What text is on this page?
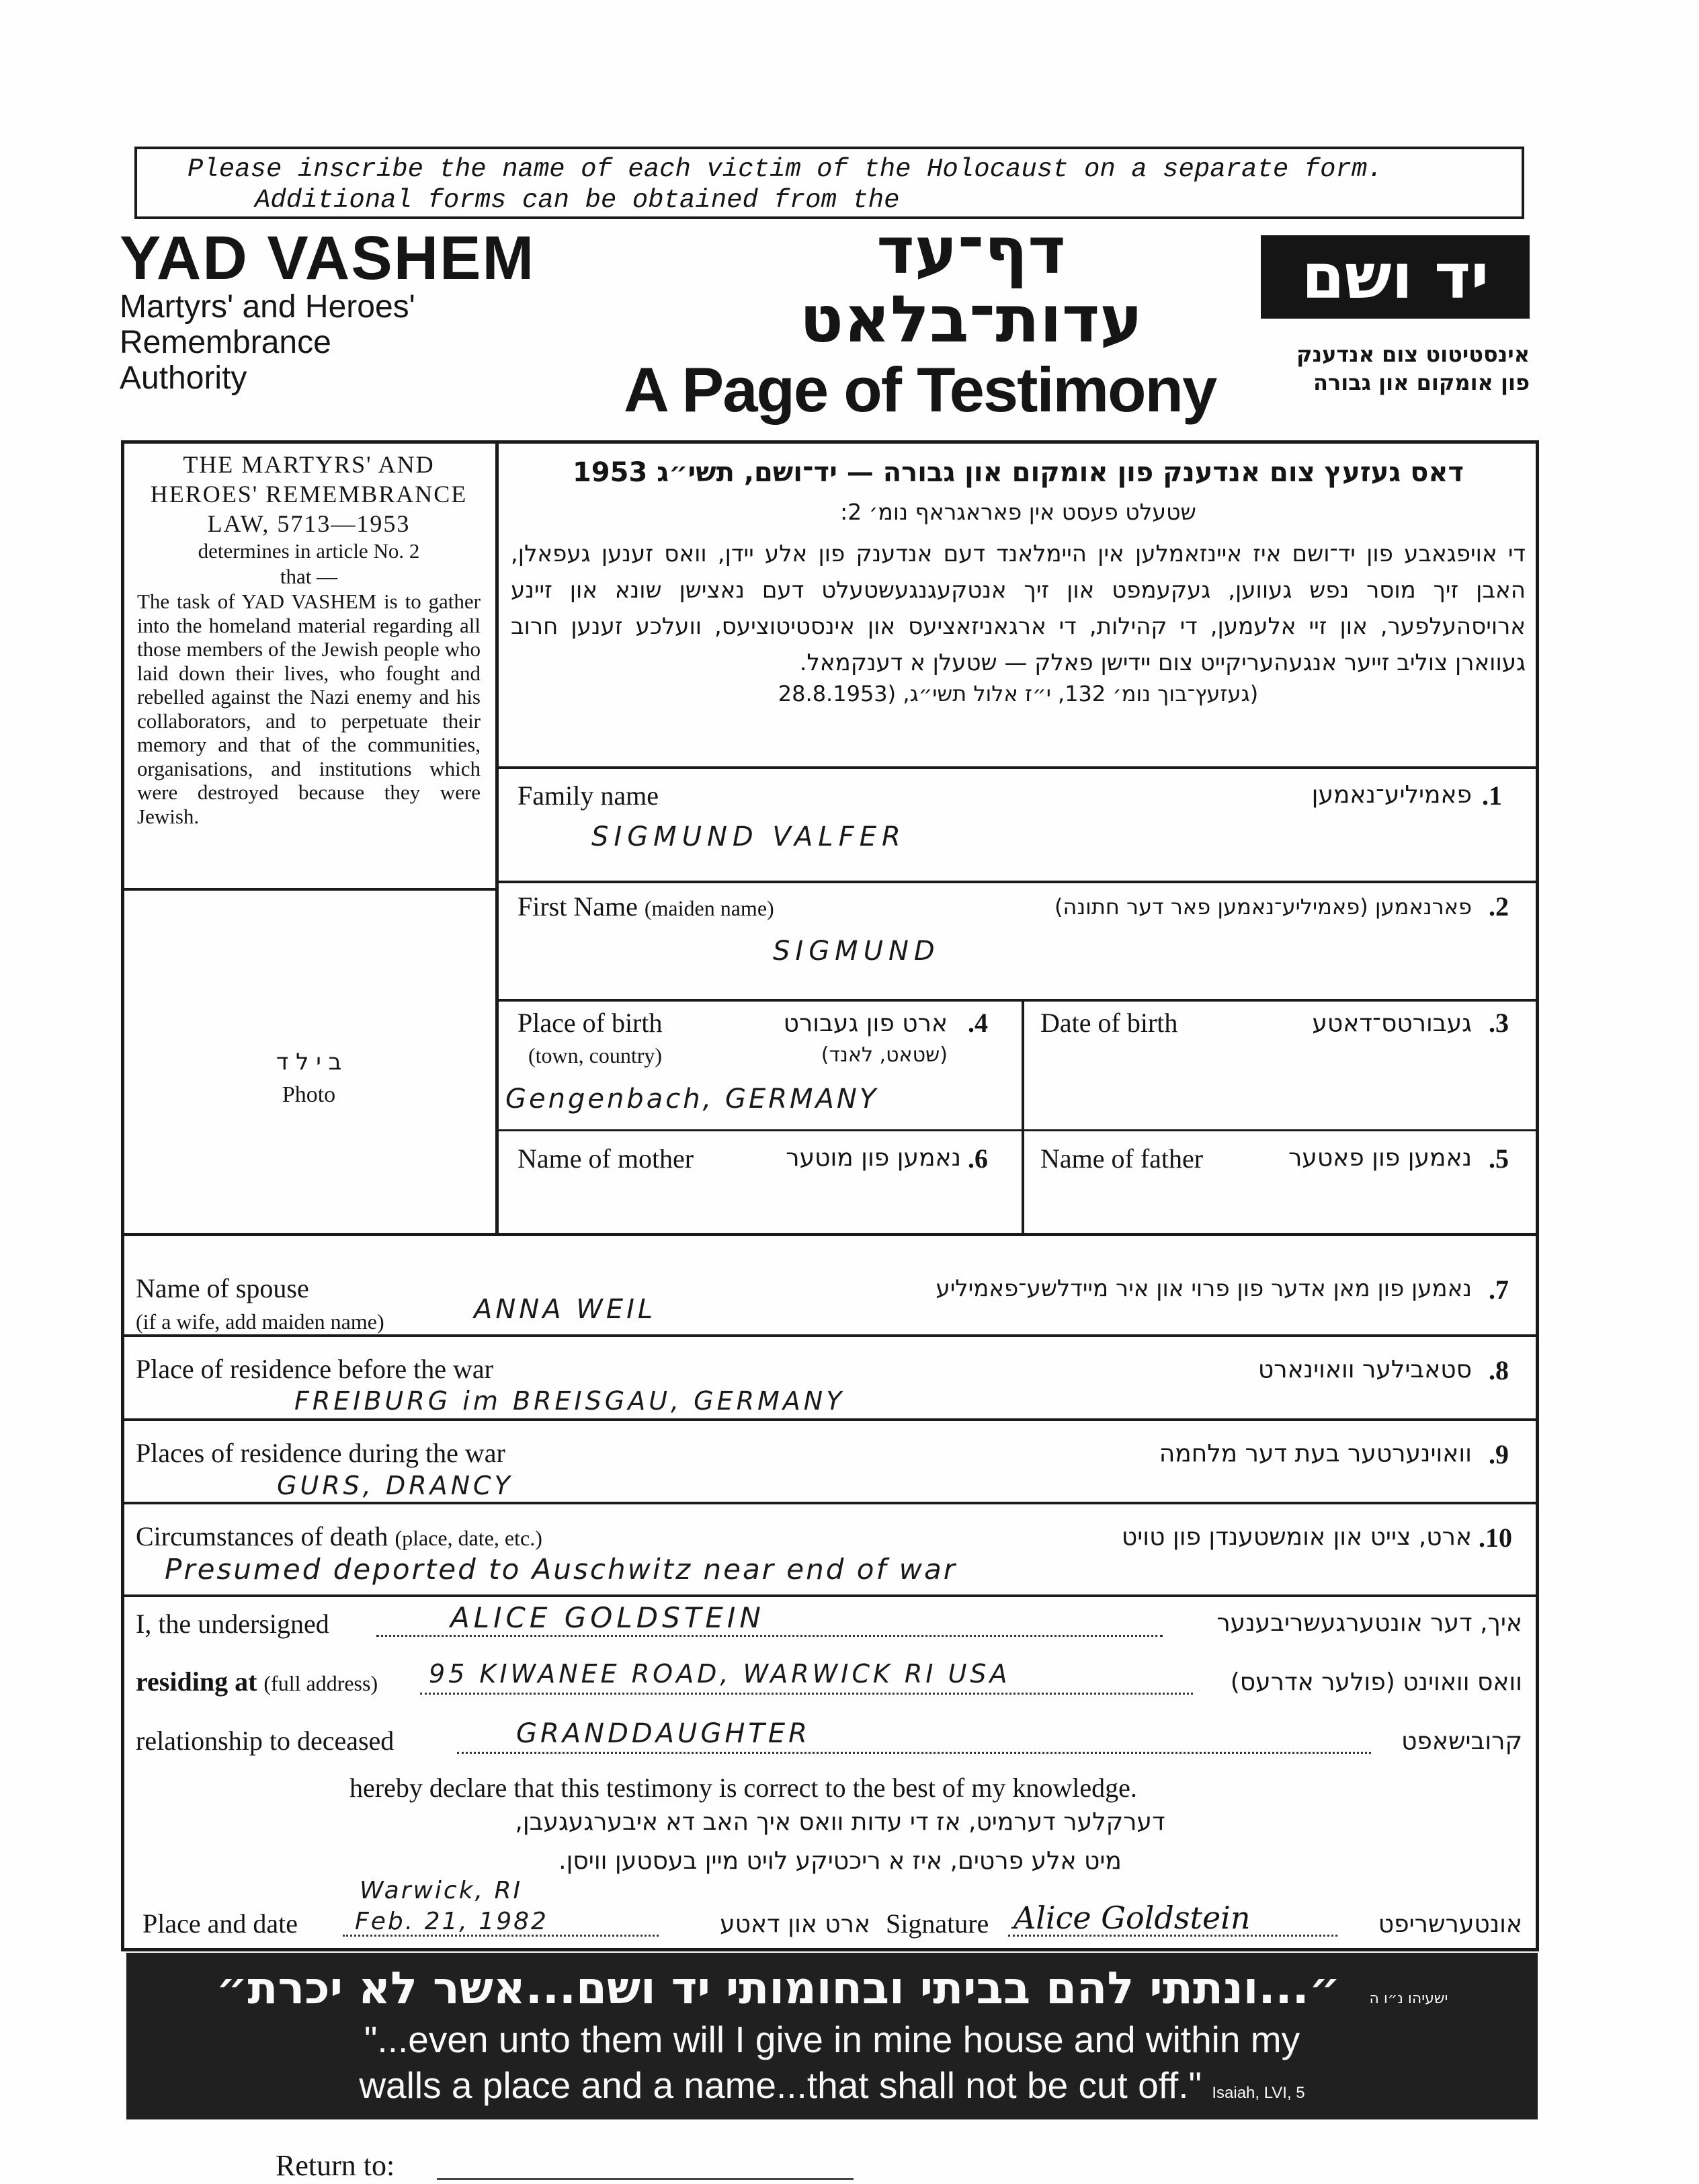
Please inscribe the name of each victim of the Holocaust on a separate form.
Additional forms can be obtained from the
YAD VASHEM
Martyrs' and Heroes'
Remembrance
Authority
דף־עד
עדות־בלאט
A Page of Testimony
יד ושם
אינסטיטוט צום אנדענק
פון אומקום און גבורה
THE MARTYRS' AND HEROES' REMEMBRANCE LAW, 5713—1953
determines in article No. 2 that —
The task of YAD VASHEM is to gather into the homeland material regarding all those members of the Jewish people who laid down their lives, who fought and rebelled against the Nazi enemy and his collaborators, and to perpetuate their memory and that of the communities, organisations, and institutions which were destroyed because they were Jewish.
דאס געזעץ צום אנדענק פון אומקום און גבורה — יד־ושם, תשי״ג 1953
שטעלט פעסט אין פאראגראף נומ׳ 2:
די אויפגאבע פון יד־ושם איז איינזאמלען אין היימלאנד דעם אנדענק פון אלע יידן, וואס זענען געפאלן, האבן זיך מוסר נפש געווען, געקעמפט און זיך אנטקעגנגעשטעלט דעם נאצישן שונא און זיינע ארויסהעלפער, און זיי אלעמען, די קהילות, די ארגאניזאציעס און אינסטיטוציעס, וועלכע זענען חרוב געווארן צוליב זייער אנגעהעריקייט צום יידישן פאלק — שטעלן א דענקמאל.
(געזעץ־בוך נומ׳ 132, י״ז אלול תשי״ג, (28.8.1953
ב י ל ד
Photo
Family name	פאמיליע־נאמען .1
SIGMUND VALFER
First Name (maiden name)	פארנאמען (פאמיליע־נאמען פאר דער חתונה) .2
SIGMUND
Place of birth
(town, country)
ארט פון געבורט
(שטאט, לאנד)
.4
Gengenbach, GERMANY
Date of birth	געבורטס־דאטע .3
Name of mother	נאמען פון מוטער .6 Name of father	נאמען פון פאטער .5
Name of spouse
(if a wife, add maiden name)	ANNA WEIL
נאמען פון מאן אדער פון פרוי און איר מיידלשע־פאמיליע .7
Place of residence before the war
FREIBURG im BREISGAU, GERMANY
סטאבילער וואוינארט .8
Places of residence during the war
GURS, DRANCY
וואוינערטער בעת דער מלחמה .9
Circumstances of death (place, date, etc.)
Presumed deported to Auschwitz near end of war
ארט, צייט און אומשטענדן פון טויט .10
I, the undersigned	ALICE GOLDSTEIN	איך, דער אונטערגעשריבענער
residing at (full address) 95 KIWANEE ROAD, WARWICK RI USA	וואס וואוינט (פולער אדרעס)
relationship to deceased	GRANDDAUGHTER	קרובישאפט
hereby declare that this testimony is correct to the best of my knowledge.
דערקלער דערמיט, אז די עדות וואס איך האב דא איבערגעגעבן,
מיט אלע פרטים, איז א ריכטיקע לויט מיין בעסטען וויסן.
Place and date
Warwick, RI
Feb. 21, 1982	ארט און דאטע Signature Alice Goldstein	אונטערשריפט
ישעיהו נ״ו ה ״...ונתתי להם בביתי ובחומותי יד ושם...אשר לא יכרת״
"...even unto them will I give in mine house and within my
walls a place and a name...that shall not be cut off." Isaiah, LVI, 5
Return to:
